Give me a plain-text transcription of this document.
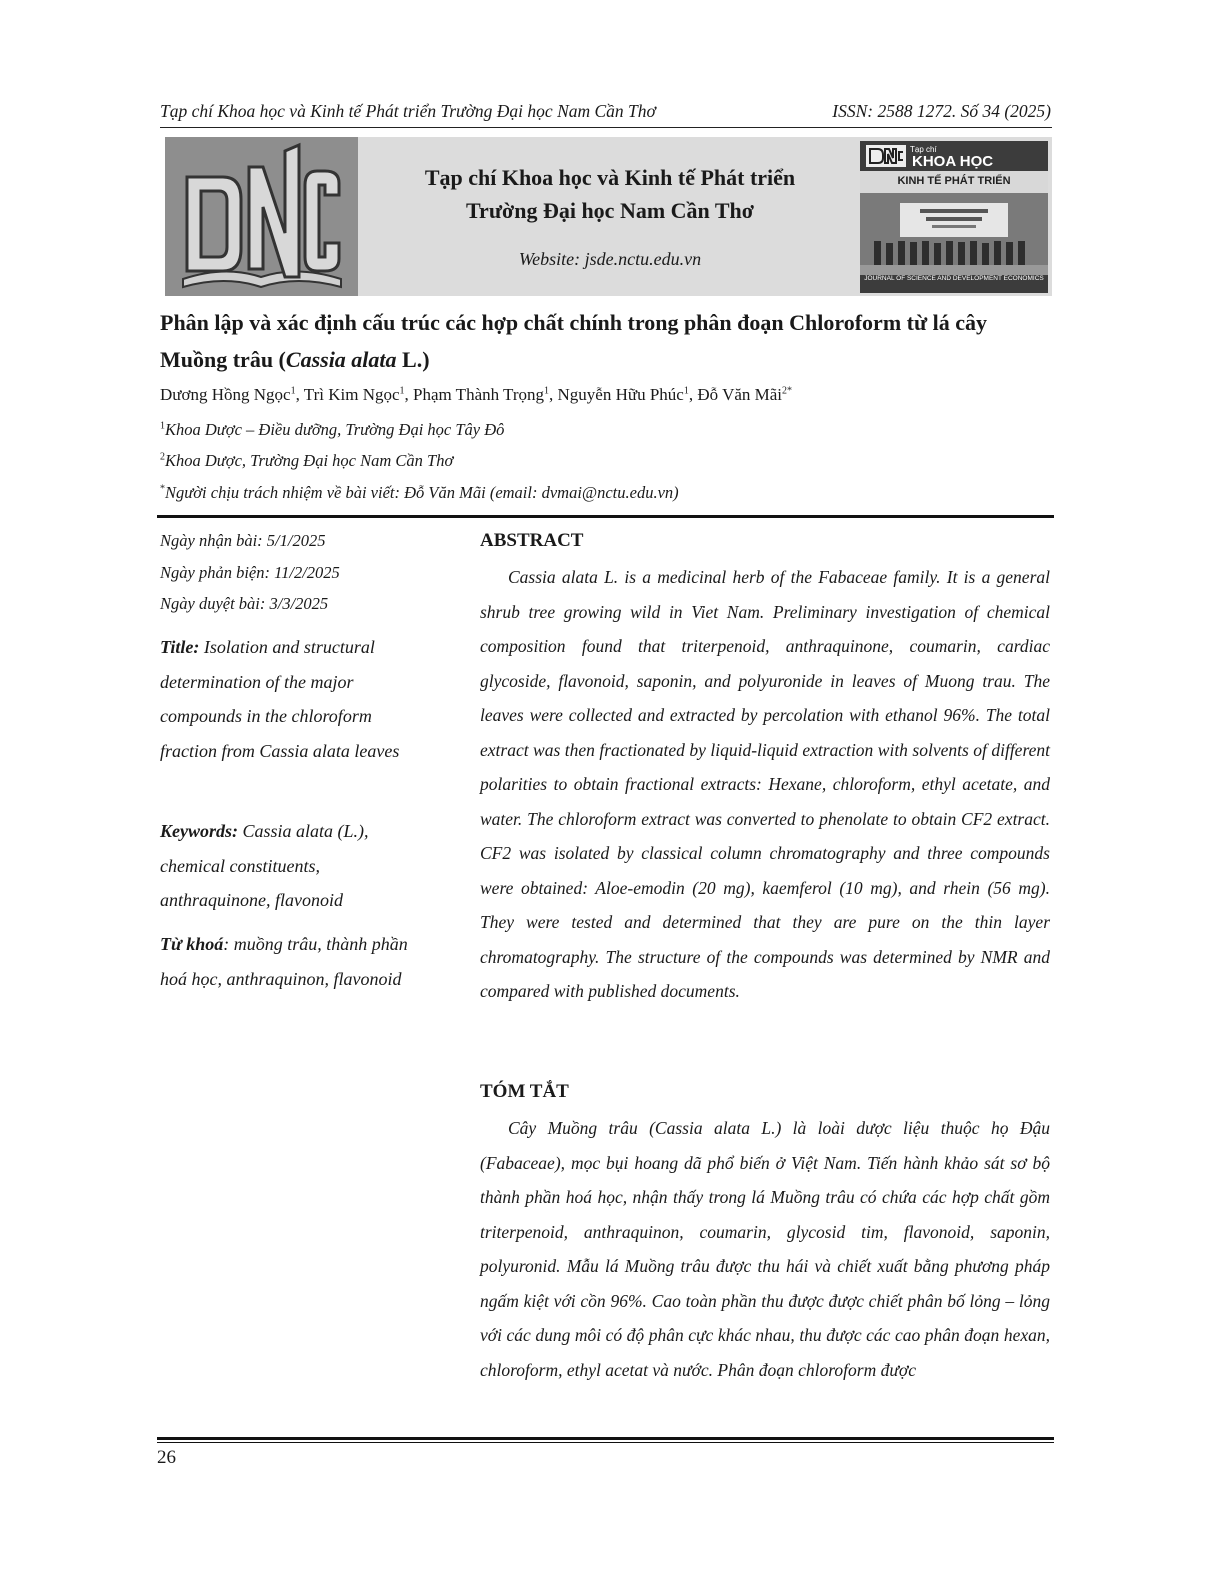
Tạp chí Khoa học và Kinh tế Phát triển Trường Đại học Nam Cần Thơ	ISSN: 2588 1272. Số 34 (2025)
Tạp chí Khoa học và Kinh tế Phát triển
Trường Đại học Nam Cần Thơ
Website: jsde.nctu.edu.vn
Tạp chí
KHOA HỌC
KINH TẾ PHÁT TRIỂN
JOURNAL OF SCIENCE AND DEVELOPMENT ECONOMICS
Phân lập và xác định cấu trúc các hợp chất chính trong phân đoạn Chloroform từ lá cây Muồng trâu (Cassia alata L.)
Dương Hồng Ngọc$^1$, Trì Kim Ngọc$^1$, Phạm Thành Trọng$^1$, Nguyễn Hữu Phúc$^1$, Đỗ Văn Mãi$^{2*}$
$^1$Khoa Dược – Điều dưỡng, Trường Đại học Tây Đô
$^2$Khoa Dược, Trường Đại học Nam Cần Thơ
*Người chịu trách nhiệm về bài viết: Đỗ Văn Mãi (email: dvmai@nctu.edu.vn)
Ngày nhận bài: 5/1/2025
Ngày phản biện: 11/2/2025
Ngày duyệt bài: 3/3/2025
Title: Isolation and structural determination of the major compounds in the chloroform fraction from Cassia alata leaves
Keywords: Cassia alata (L.), chemical constituents, anthraquinone, flavonoid
Từ khoá: muồng trâu, thành phần hoá học, anthraquinon, flavonoid
ABSTRACT

Cassia alata L. is a medicinal herb of the Fabaceae family. It is a general shrub tree growing wild in Viet Nam. Preliminary investigation of chemical composition found that triterpenoid, anthraquinone, coumarin, cardiac glycoside, flavonoid, saponin, and polyuronide in leaves of Muong trau. The leaves were collected and extracted by percolation with ethanol 96%. The total extract was then fractionated by liquid-liquid extraction with solvents of different polarities to obtain fractional extracts: Hexane, chloroform, ethyl acetate, and water. The chloroform extract was converted to phenolate to obtain CF2 extract. CF2 was isolated by classical column chromatography and three compounds were obtained: Aloe-emodin (20 mg), kaemferol (10 mg), and rhein (56 mg). They were tested and determined that they are pure on the thin layer chromatography. The structure of the compounds was determined by NMR and compared with published documents.

TÓM TẮT

Cây Muồng trâu (Cassia alata L.) là loài dược liệu thuộc họ Đậu (Fabaceae), mọc bụi hoang dã phổ biến ở Việt Nam. Tiến hành khảo sát sơ bộ thành phần hoá học, nhận thấy trong lá Muồng trâu có chứa các hợp chất gồm triterpenoid, anthraquinon, coumarin, glycosid tim, flavonoid, saponin, polyuronid. Mẫu lá Muồng trâu được thu hái và chiết xuất bằng phương pháp ngấm kiệt với cồn 96%. Cao toàn phần thu được được chiết phân bố lỏng – lỏng với các dung môi có độ phân cực khác nhau, thu được các cao phân đoạn hexan, chloroform, ethyl acetat và nước. Phân đoạn chloroform được

26
